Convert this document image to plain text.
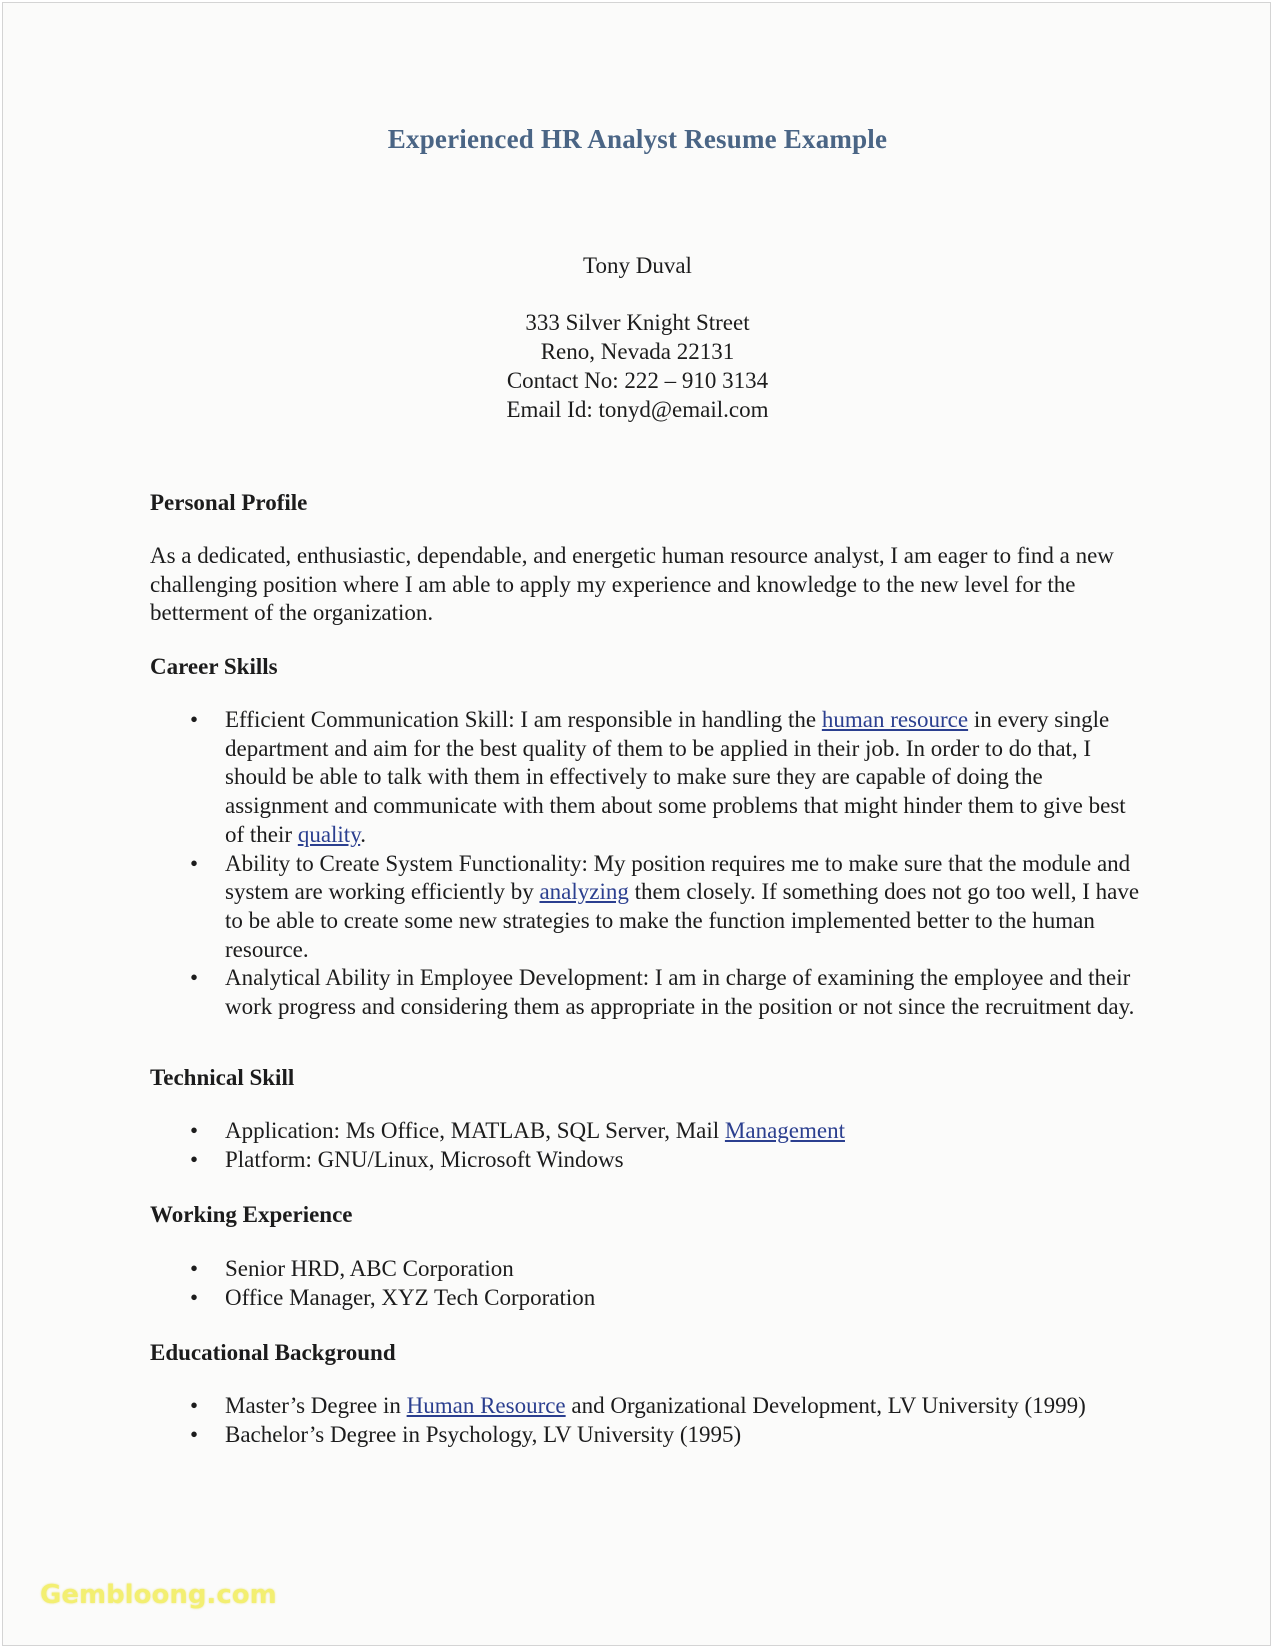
Experienced HR Analyst Resume Example
Tony Duval
333 Silver Knight Street
Reno, Nevada 22131
Contact No: 222 – 910 3134
Email Id: tonyd@email.com
Personal Profile

As a dedicated, enthusiastic, dependable, and energetic human resource analyst, I am eager to find a new challenging position where I am able to apply my experience and knowledge to the new level for the betterment of the organization.

Career Skills
• Efficient Communication Skill: I am responsible in handling the human resource in every single department and aim for the best quality of them to be applied in their job. In order to do that, I should be able to talk with them in effectively to make sure they are capable of doing the assignment and communicate with them about some problems that might hinder them to give best of their quality.
• Ability to Create System Functionality: My position requires me to make sure that the module and system are working efficiently by analyzing them closely. If something does not go too well, I have to be able to create some new strategies to make the function implemented better to the human resource.
• Analytical Ability in Employee Development: I am in charge of examining the employee and their work progress and considering them as appropriate in the position or not since the recruitment day.
Technical Skill
• Application: Ms Office, MATLAB, SQL Server, Mail Management
• Platform: GNU/Linux, Microsoft Windows
Working Experience
• Senior HRD, ABC Corporation
• Office Manager, XYZ Tech Corporation
Educational Background
• Master’s Degree in Human Resource and Organizational Development, LV University (1999)
• Bachelor’s Degree in Psychology, LV University (1995)
Gembloong.com
